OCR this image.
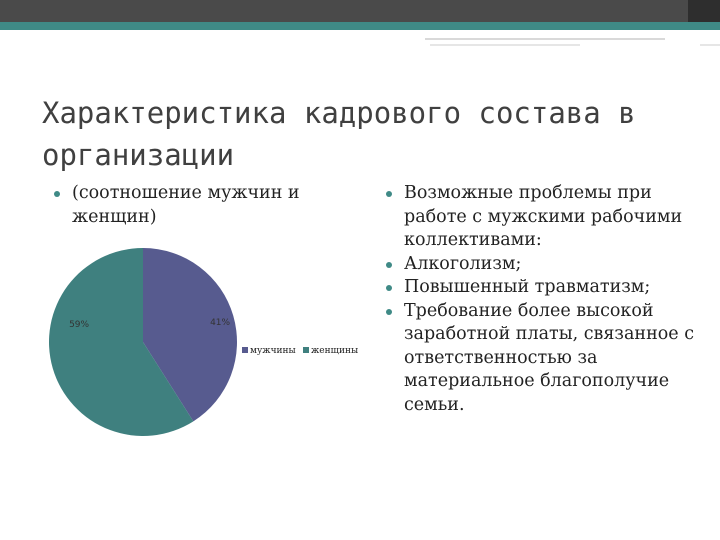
Характеристика кадрового состава в организации
(соотношение мужчин и женщин)
Возможные проблемы при работе с мужскими рабочими коллективами:
Алкоголизм;
Повышенный травматизм;
Требование более высокой заработной платы, связанное с ответственностью за материальное благополучие семьи.
41%
59%
мужчины женщины
